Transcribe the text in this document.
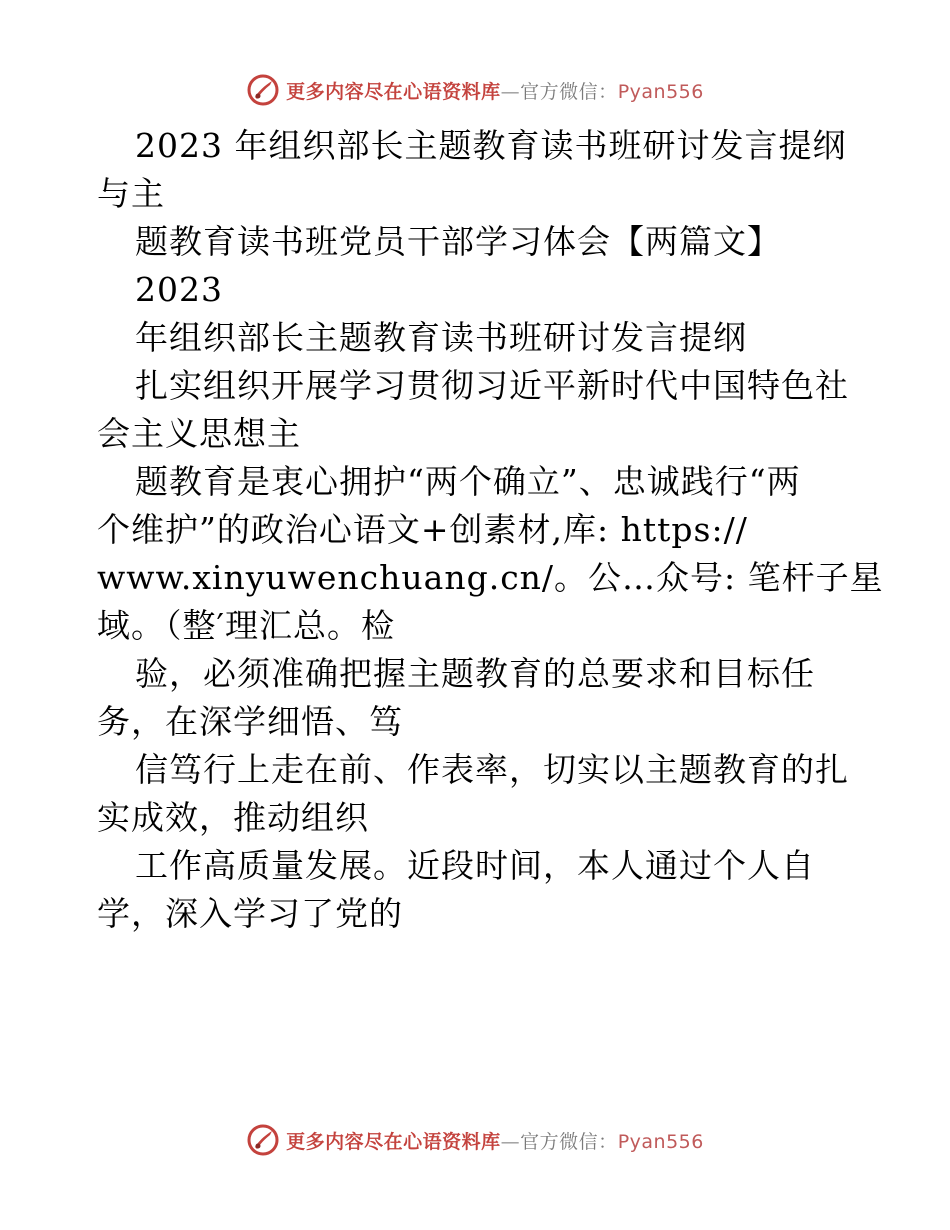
更多内容尽在心语资料库—官方微信：Pyan556
2023 年组织部长主题教育读书班研讨发言提纲
与主
题教育读书班党员干部学习体会【两篇文】
2023
年组织部长主题教育读书班研讨发言提纲
扎实组织开展学习贯彻习近平新时代中国特色社
会主义思想主
题教育是衷心拥护“两个确立”、忠诚践行“两
个维护”的政治心语文+创素材,库: https://
www.xinyuwenchuang.cn/。公…众号: 笔杆子星
域。（整′理汇总。检
验，必须准确把握主题教育的总要求和目标任
务，在深学细悟、笃
信笃行上走在前、作表率，切实以主题教育的扎
实成效，推动组织
工作高质量发展。近段时间，本人通过个人自
学，深入学习了党的
更多内容尽在心语资料库—官方微信：Pyan556
